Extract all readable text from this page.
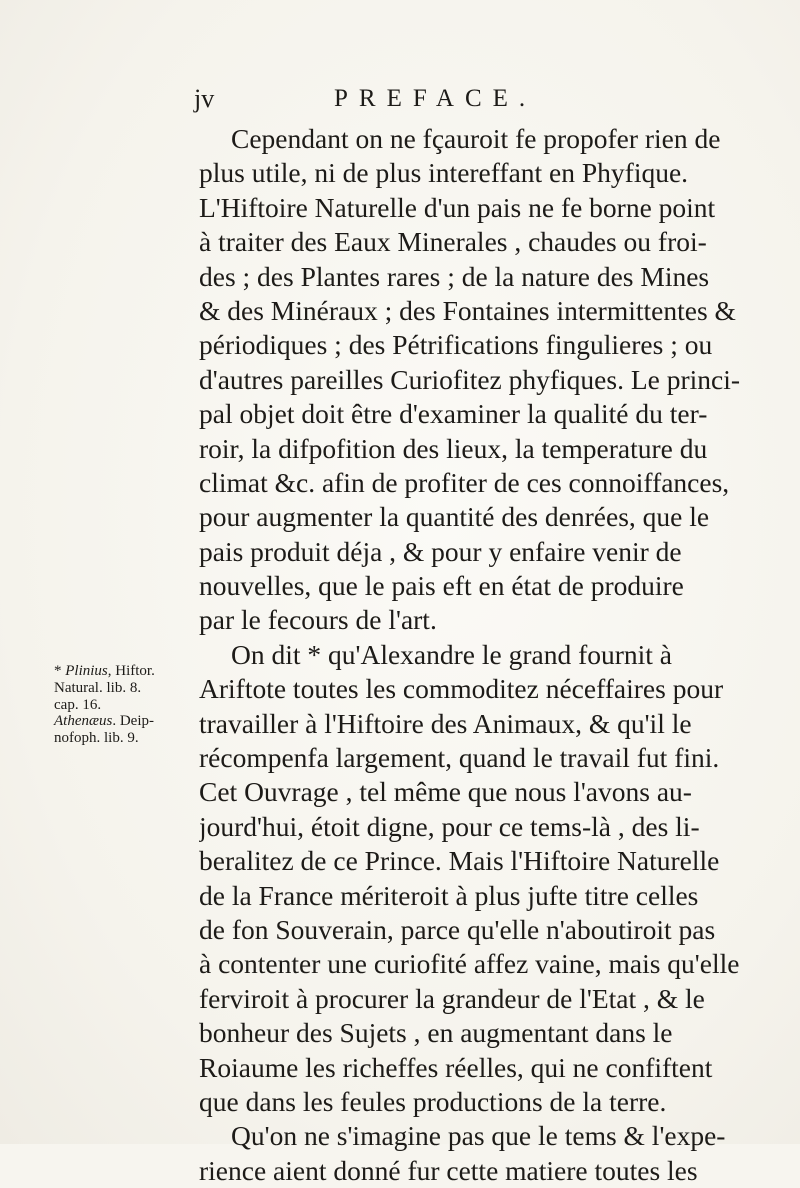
jv	PREFACE.
* Plinius, Hiftor.
Natural. lib. 8.
cap. 16.
Athenæus. Deip-
nofoph. lib. 9.
Cependant on ne fçauroit fe propofer rien de
plus utile, ni de plus intereffant en Phyfique.
L'Hiftoire Naturelle d'un pais ne fe borne point
à traiter des Eaux Minerales , chaudes ou froi-
des ; des Plantes rares ; de la nature des Mines
& des Minéraux ; des Fontaines intermittentes &
périodiques ; des Pétrifications fingulieres ; ou
d'autres pareilles Curiofitez phyfiques. Le princi-
pal objet doit être d'examiner la qualité du ter-
roir, la difpofition des lieux, la temperature du
climat &c. afin de profiter de ces connoiffances,
pour augmenter la quantité des denrées, que le
pais produit déja , & pour y enfaire venir de
nouvelles, que le pais eft en état de produire
par le fecours de l'art.
On dit * qu'Alexandre le grand fournit à
Ariftote toutes les commoditez néceffaires pour
travailler à l'Hiftoire des Animaux, & qu'il le
récompenfa largement, quand le travail fut fini.
Cet Ouvrage , tel même que nous l'avons au-
jourd'hui, étoit digne, pour ce tems-là , des li-
beralitez de ce Prince. Mais l'Hiftoire Naturelle
de la France mériteroit à plus jufte titre celles
de fon Souverain, parce qu'elle n'aboutiroit pas
à contenter une curiofité affez vaine, mais qu'elle
ferviroit à procurer la grandeur de l'Etat , & le
bonheur des Sujets , en augmentant dans le
Roiaume les richeffes réelles, qui ne confiftent
que dans les feules productions de la terre.
Qu'on ne s'imagine pas que le tems & l'expe-
rience aient donné fur cette matiere toutes les
